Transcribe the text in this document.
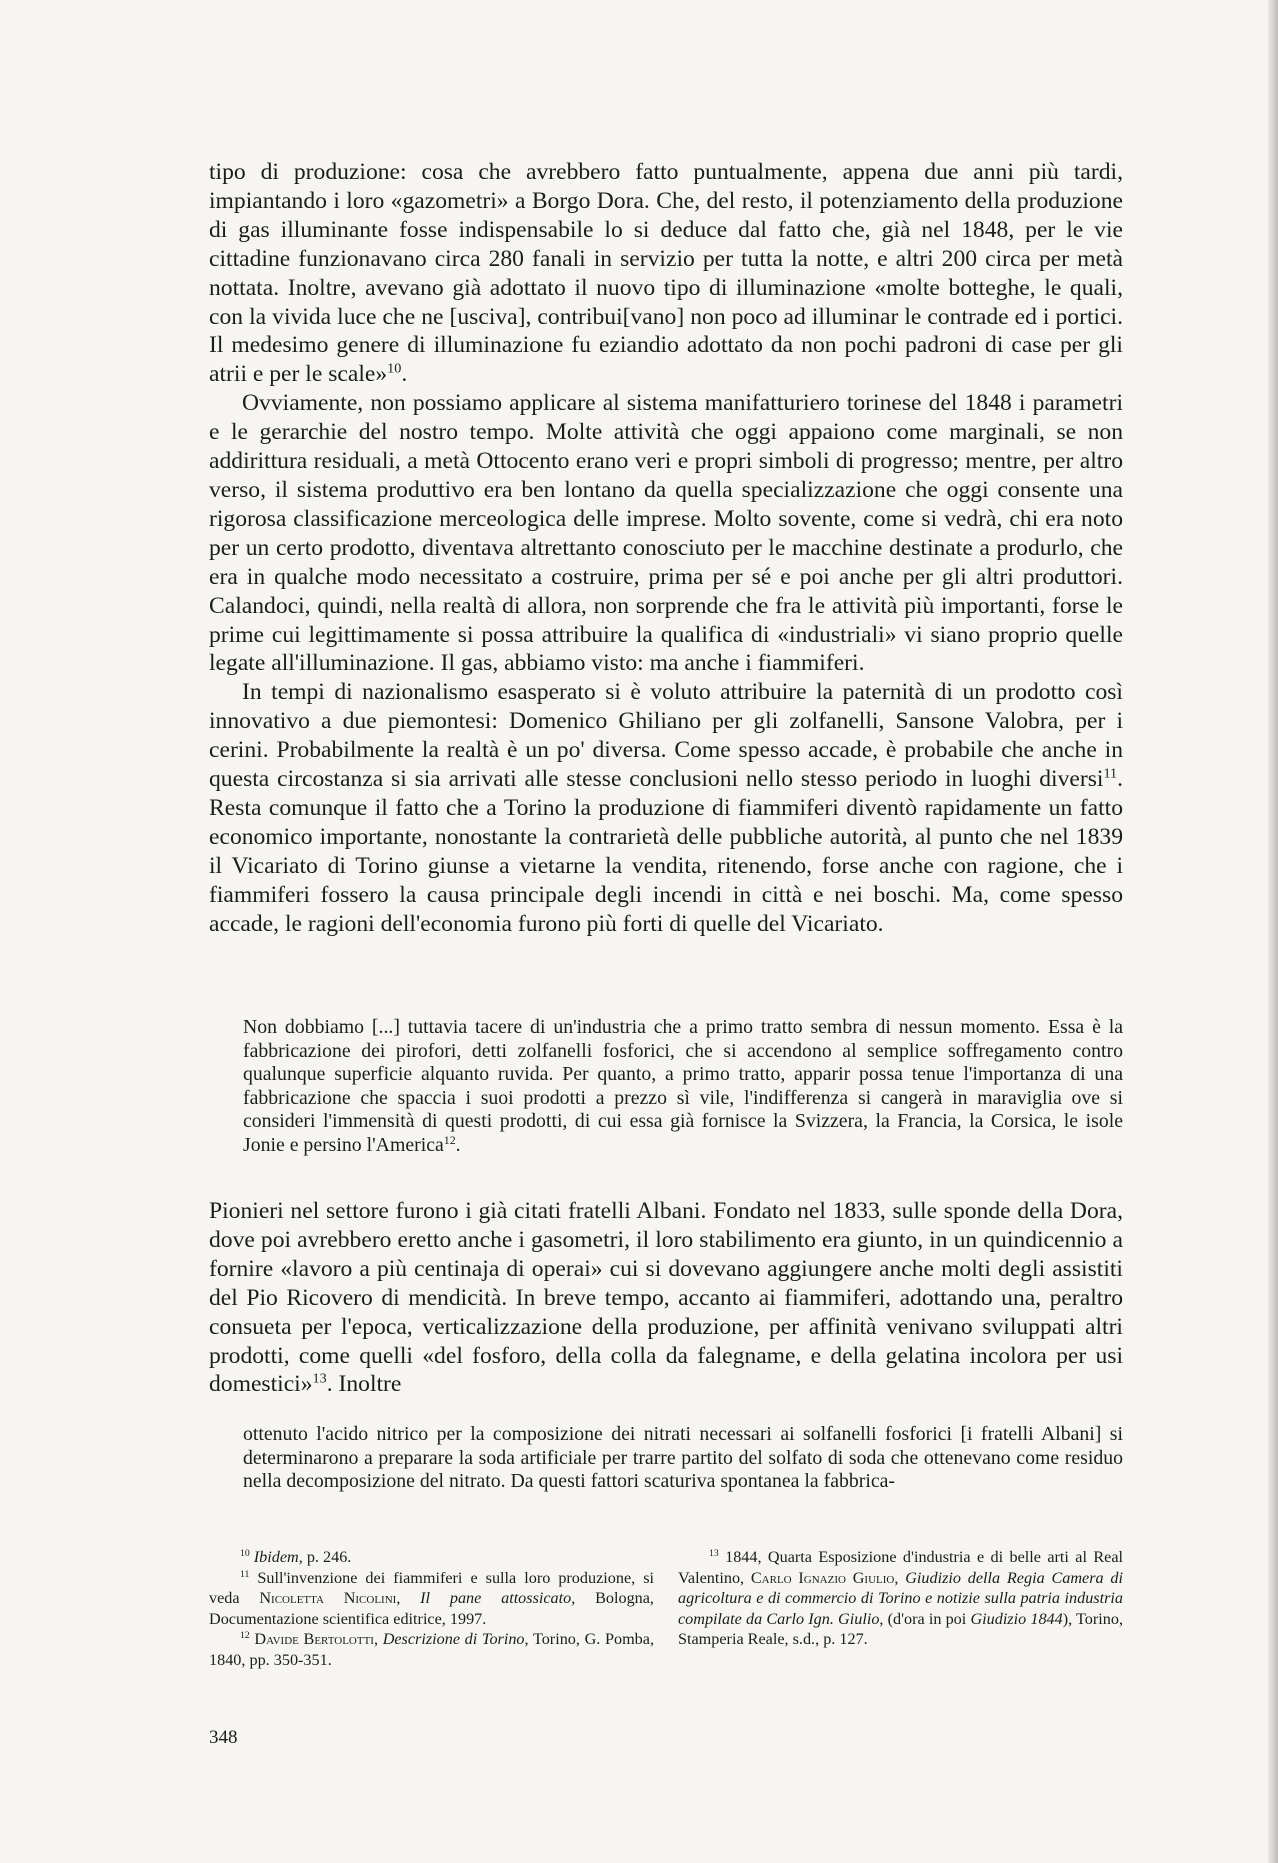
tipo di produzione: cosa che avrebbero fatto puntualmente, appena due anni più tardi, impiantando i loro «gazometri» a Borgo Dora. Che, del resto, il potenziamento della produzione di gas illuminante fosse indispensabile lo si deduce dal fatto che, già nel 1848, per le vie cittadine funzionavano circa 280 fanali in servizio per tutta la notte, e altri 200 circa per metà nottata. Inoltre, avevano già adottato il nuovo tipo di illuminazione «molte botteghe, le quali, con la vivida luce che ne [usciva], contribui[vano] non poco ad illuminar le contrade ed i portici. Il medesimo genere di illuminazione fu eziandio adottato da non pochi padroni di case per gli atrii e per le scale»$^{10}$.

Ovviamente, non possiamo applicare al sistema manifatturiero torinese del 1848 i parametri e le gerarchie del nostro tempo. Molte attività che oggi appaiono come marginali, se non addirittura residuali, a metà Ottocento erano veri e propri simboli di progresso; mentre, per altro verso, il sistema produttivo era ben lontano da quella specializzazione che oggi consente una rigorosa classificazione merceologica delle imprese. Molto sovente, come si vedrà, chi era noto per un certo prodotto, diventava altrettanto conosciuto per le macchine destinate a produrlo, che era in qualche modo necessitato a costruire, prima per sé e poi anche per gli altri produttori. Calandoci, quindi, nella realtà di allora, non sorprende che fra le attività più importanti, forse le prime cui legittimamente si possa attribuire la qualifica di «industriali» vi siano proprio quelle legate all'illuminazione. Il gas, abbiamo visto: ma anche i fiammiferi.

In tempi di nazionalismo esasperato si è voluto attribuire la paternità di un prodotto così innovativo a due piemontesi: Domenico Ghiliano per gli zolfanelli, Sansone Valobra, per i cerini. Probabilmente la realtà è un po' diversa. Come spesso accade, è probabile che anche in questa circostanza si sia arrivati alle stesse conclusioni nello stesso periodo in luoghi diversi$^{11}$. Resta comunque il fatto che a Torino la produzione di fiammiferi diventò rapidamente un fatto economico importante, nonostante la contrarietà delle pubbliche autorità, al punto che nel 1839 il Vicariato di Torino giunse a vietarne la vendita, ritenendo, forse anche con ragione, che i fiammiferi fossero la causa principale degli incendi in città e nei boschi. Ma, come spesso accade, le ragioni dell'economia furono più forti di quelle del Vicariato.

Non dobbiamo [...] tuttavia tacere di un'industria che a primo tratto sembra di nessun momento. Essa è la fabbricazione dei pirofori, detti zolfanelli fosforici, che si accendono al semplice soffregamento contro qualunque superficie alquanto ruvida. Per quanto, a primo tratto, apparir possa tenue l'importanza di una fabbricazione che spaccia i suoi prodotti a prezzo sì vile, l'indifferenza si cangerà in maraviglia ove si consideri l'immensità di questi prodotti, di cui essa già fornisce la Svizzera, la Francia, la Corsica, le isole Jonie e persino l'America$^{12}$.

Pionieri nel settore furono i già citati fratelli Albani. Fondato nel 1833, sulle sponde della Dora, dove poi avrebbero eretto anche i gasometri, il loro stabilimento era giunto, in un quindicennio a fornire «lavoro a più centinaja di operai» cui si dovevano aggiungere anche molti degli assistiti del Pio Ricovero di mendicità. In breve tempo, accanto ai fiammiferi, adottando una, peraltro consueta per l'epoca, verticalizzazione della produzione, per affinità venivano sviluppati altri prodotti, come quelli «del fosforo, della colla da falegname, e della gelatina incolora per usi domestici»$^{13}$. Inoltre

ottenuto l'acido nitrico per la composizione dei nitrati necessari ai solfanelli fosforici [i fratelli Albani] si determinarono a preparare la soda artificiale per trarre partito del solfato di soda che ottenevano come residuo nella decomposizione del nitrato. Da questi fattori scaturiva spontanea la fabbrica-

$^{10}$ Ibidem, p. 246.

$^{11}$ Sull'invenzione dei fiammiferi e sulla loro produzione, si veda Nicoletta Nicolini, Il pane attossicato, Bologna, Documentazione scientifica editrice, 1997.

$^{12}$ Davide Bertolotti, Descrizione di Torino, Torino, G. Pomba, 1840, pp. 350-351.

$^{13}$ 1844, Quarta Esposizione d'industria e di belle arti al Real Valentino, Carlo Ignazio Giulio, Giudizio della Regia Camera di agricoltura e di commercio di Torino e notizie sulla patria industria compilate da Carlo Ign. Giulio, (d'ora in poi Giudizio 1844), Torino, Stamperia Reale, s.d., p. 127.

348
